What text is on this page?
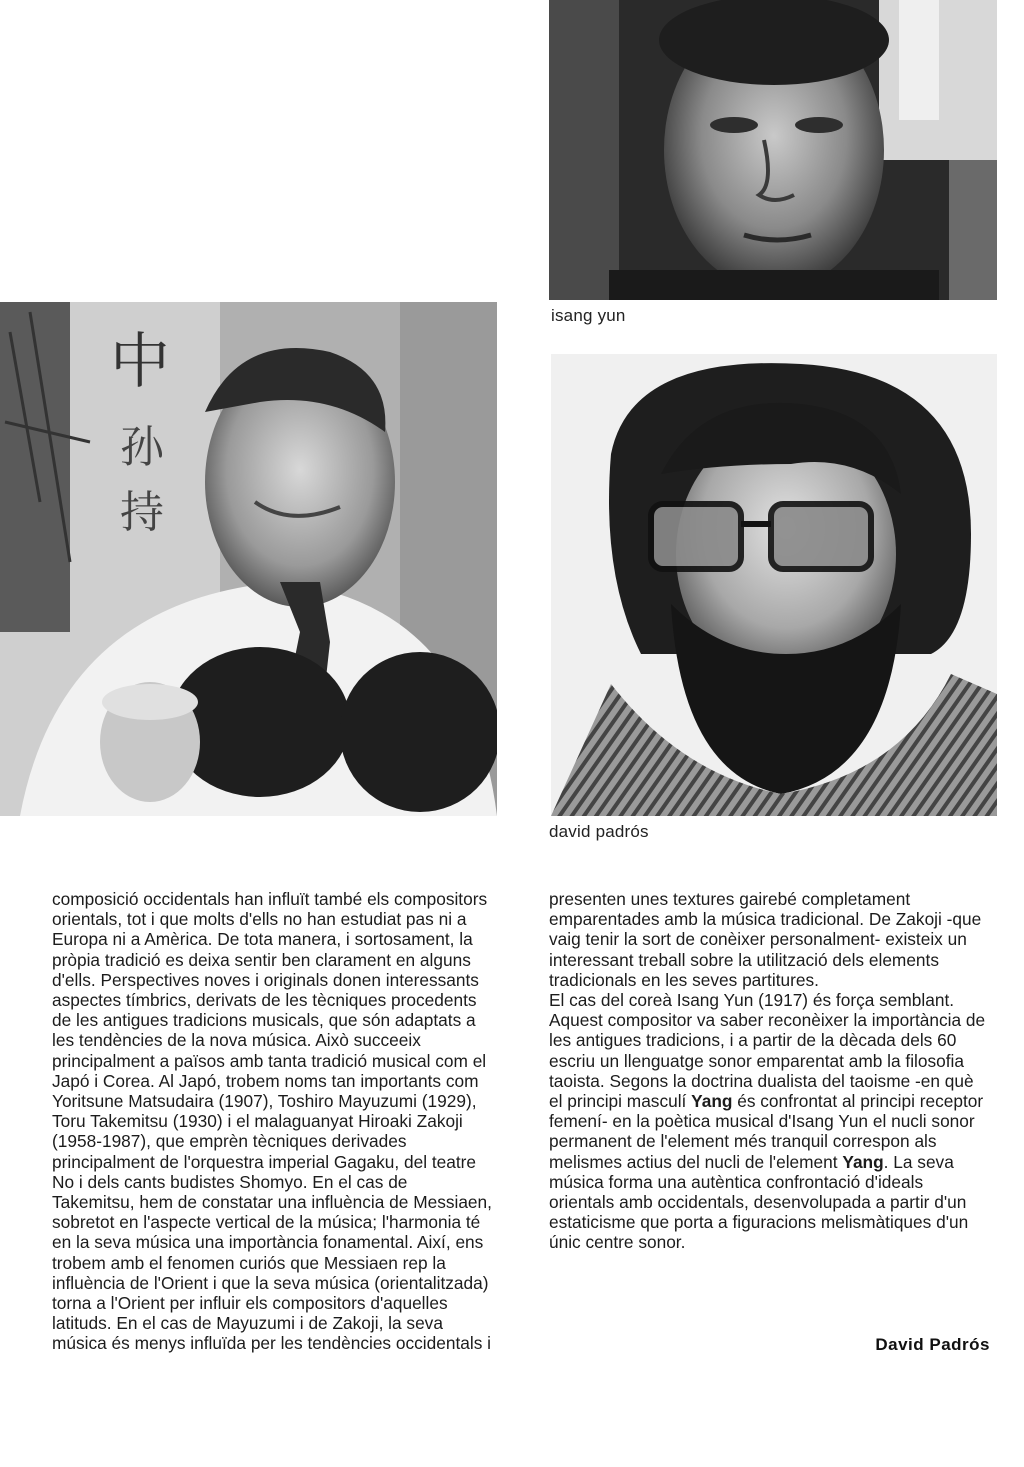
isang yun
中
孙
持
david padrós

composició occidentals han influït també els compositors orientals, tot i que molts d'ells no han estudiat pas ni a Europa ni a Amèrica. De tota manera, i sortosament, la pròpia tradició es deixa sentir ben clarament en alguns d'ells. Perspectives noves i originals donen interessants aspectes tímbrics, derivats de les tècniques procedents de les antigues tradicions musicals, que són adaptats a les tendències de la nova música. Això succeeix principalment a països amb tanta tradició musical com el Japó i Corea. Al Japó, trobem noms tan importants com Yoritsune Matsudaira (1907), Toshiro Mayuzumi (1929), Toru Takemitsu (1930) i el malaguanyat Hiroaki Zakoji (1958-1987), que emprèn tècniques derivades principalment de l'orquestra imperial Gagaku, del teatre No i dels cants budistes Shomyo. En el cas de Takemitsu, hem de constatar una influència de Messiaen, sobretot en l'aspecte vertical de la música; l'harmonia té en la seva música una importància fonamental. Així, ens trobem amb el fenomen curiós que Messiaen rep la influència de l'Orient i que la seva música (orientalitzada) torna a l'Orient per influir els compositors d'aquelles latituds. En el cas de Mayuzumi i de Zakoji, la seva música és menys influïda per les tendències occidentals i

presenten unes textures gairebé completament emparentades amb la música tradicional. De Zakoji -que vaig tenir la sort de conèixer personalment- existeix un interessant treball sobre la utilització dels elements tradicionals en les seves partitures.

El cas del coreà Isang Yun (1917) és força semblant. Aquest compositor va saber reconèixer la importància de les antigues tradicions, i a partir de la dècada dels 60 escriu un llenguatge sonor emparentat amb la filosofia taoista. Segons la doctrina dualista del taoisme -en què el principi masculí Yang és confrontat al principi receptor femení- en la poètica musical d'Isang Yun el nucli sonor permanent de l'element més tranquil correspon als melismes actius del nucli de l'element Yang. La seva música forma una autèntica confrontació d'ideals orientals amb occidentals, desenvolupada a partir d'un estaticisme que porta a figuracions melismàtiques d'un únic centre sonor.

David Padrós
